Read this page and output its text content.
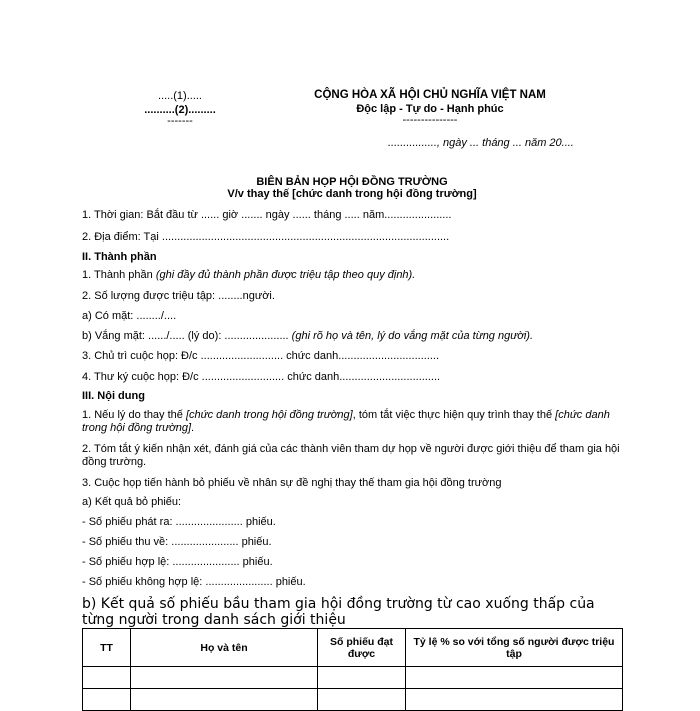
.....(1).....
..........(2).........
-------
CỘNG HÒA XÃ HỘI CHỦ NGHĨA VIỆT NAM
Độc lập - Tự do - Hạnh phúc
---------------
................, ngày ... tháng ... năm 20....
BIÊN BẢN HỌP HỘI ĐỒNG TRƯỜNG
V/v thay thế [chức danh trong hội đồng trường]
1. Thời gian: Bắt đầu từ ...... giờ ....... ngày ...... tháng ..... năm......................
2. Địa điểm: Tại ..............................................................................................
II. Thành phần
1. Thành phần (ghi đầy đủ thành phần được triệu tập theo quy định).
2. Số lượng được triệu tập: ........người.
a) Có mặt: ......../....
b) Vắng mặt: ....../..... (lý do): ..................... (ghi rõ họ và tên, lý do vắng mặt của từng người).
3. Chủ trì cuộc họp: Đ/c ........................... chức danh.................................
4. Thư ký cuộc họp: Đ/c ........................... chức danh.................................
III. Nội dung
1. Nếu lý do thay thế [chức danh trong hội đồng trường], tóm tắt việc thực hiện quy trình thay thế [chức danh trong hội đồng trường].
2. Tóm tắt ý kiến nhận xét, đánh giá của các thành viên tham dự họp về người được giới thiệu để tham gia hội đồng trường.
3. Cuộc họp tiến hành bỏ phiếu về nhân sự đề nghị thay thế tham gia hội đồng trường
a) Kết quả bỏ phiếu:
- Số phiếu phát ra: ...................... phiếu.
- Số phiếu thu về: ...................... phiếu.
- Số phiếu hợp lệ: ...................... phiếu.
- Số phiếu không hợp lệ: ...................... phiếu.
b) Kết quả số phiếu bầu tham gia hội đồng trường từ cao xuống thấp của từng người trong danh sách giới thiệu
TT	Họ và tên	Số phiếu đạt được	Tỷ lệ % so với tổng số người được triệu tập
